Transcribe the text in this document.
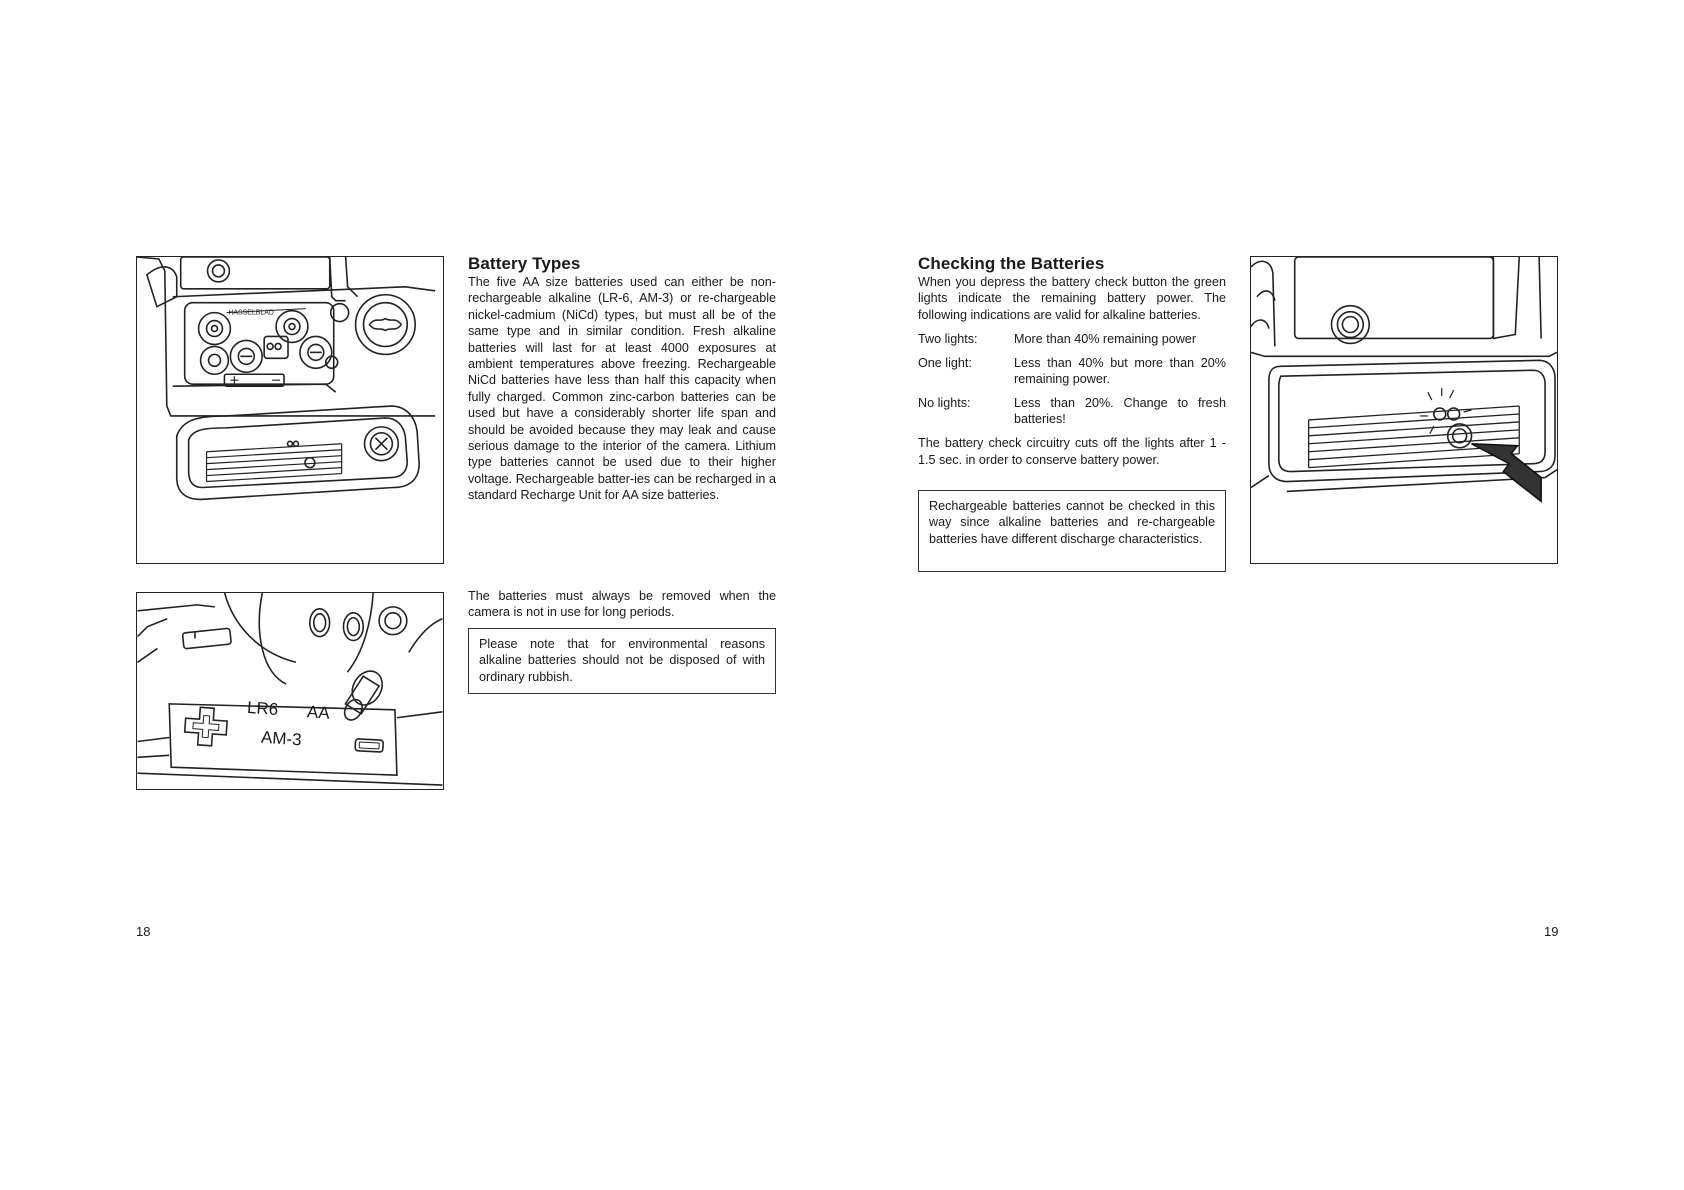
HASSELBLAD
LR6 AA
AM-3
Battery Types

The five AA size batteries used can either be non-rechargeable alkaline (LR-6, AM-3) or re-chargeable nickel-cadmium (NiCd) types, but must all be of the same type and in similar condition. Fresh alkaline batteries will last for at least 4000 exposures at ambient temperatures above freezing. Rechargeable NiCd batteries have less than half this capacity when fully charged. Common zinc-carbon batteries can be used but have a considerably shorter life span and should be avoided because they may leak and cause serious damage to the interior of the camera. Lithium type batteries cannot be used due to their higher voltage. Rechargeable batter-ies can be recharged in a standard Recharge Unit for AA size batteries.

The batteries must always be removed when the camera is not in use for long periods.

Please note that for environmental reasons alkaline batteries should not be disposed of with ordinary rubbish.
18
Checking the Batteries

When you depress the battery check button the green lights indicate the remaining battery power. The following indications are valid for alkaline batteries.

Two lights:	More than 40% remaining power
One light:	Less than 40% but more than 20% remaining power.
No lights:	Less than 20%. Change to fresh batteries!

The battery check circuitry cuts off the lights after 1 - 1.5 sec. in order to conserve battery power.

Rechargeable batteries cannot be checked in this way since alkaline batteries and re-chargeable batteries have different discharge characteristics.
19
